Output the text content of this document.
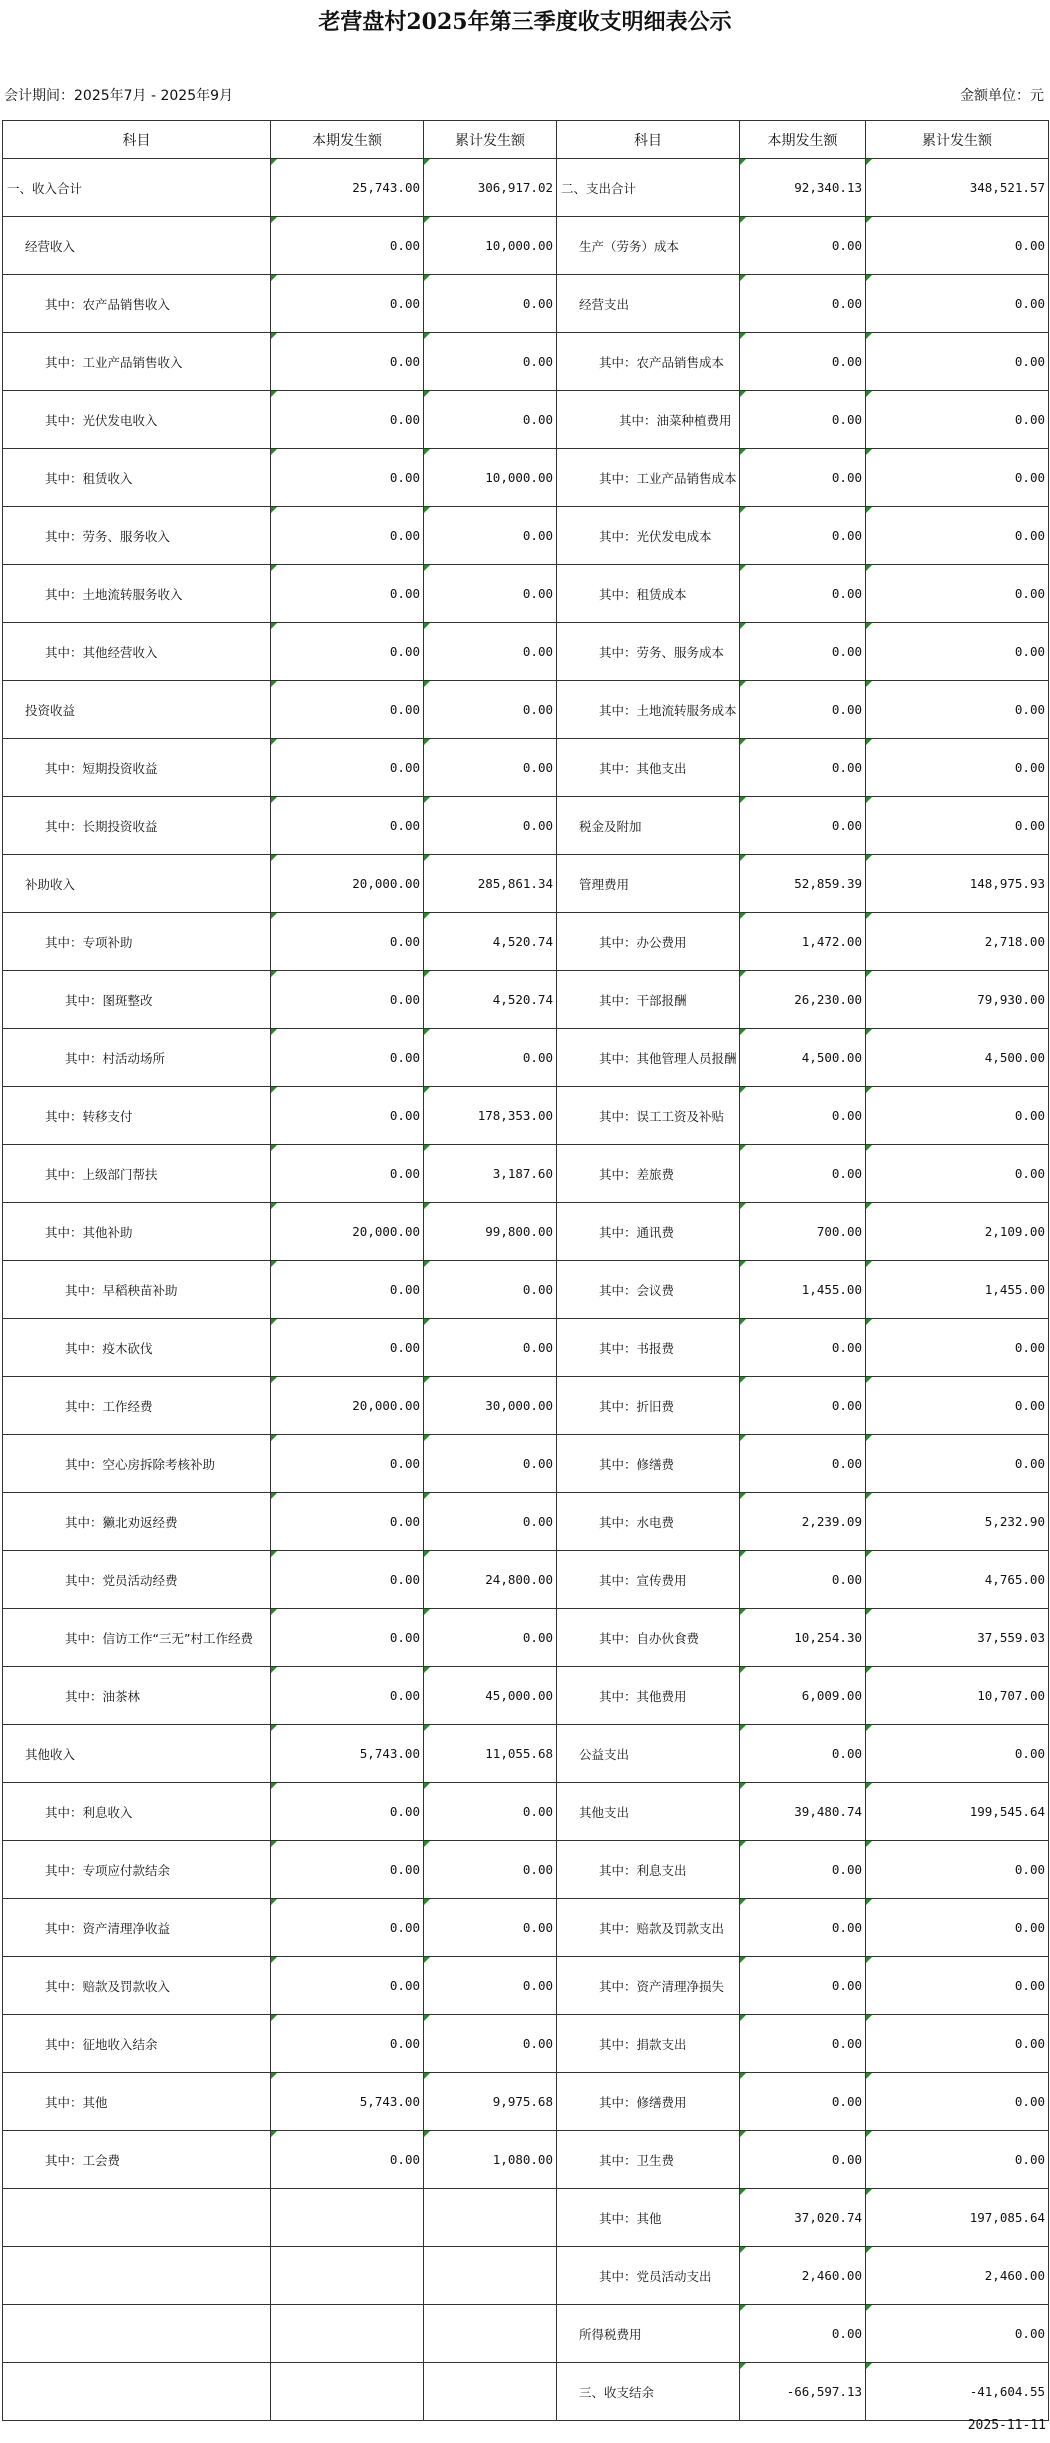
老营盘村2025年第三季度收支明细表公示
会计期间：2025年7月 - 2025年9月	金额单位：元
科目	本期发生额	累计发生额	科目	本期发生额	累计发生额
一、收入合计	25,743.00	306,917.02	二、支出合计	92,340.13	348,521.57
经营收入	0.00	10,000.00	生产（劳务）成本	0.00	0.00
其中：农产品销售收入	0.00	0.00	经营支出	0.00	0.00
其中：工业产品销售收入	0.00	0.00	其中：农产品销售成本	0.00	0.00
其中：光伏发电收入	0.00	0.00	其中：油菜种植费用	0.00	0.00
其中：租赁收入	0.00	10,000.00	其中：工业产品销售成本	0.00	0.00
其中：劳务、服务收入	0.00	0.00	其中：光伏发电成本	0.00	0.00
其中：土地流转服务收入	0.00	0.00	其中：租赁成本	0.00	0.00
其中：其他经营收入	0.00	0.00	其中：劳务、服务成本	0.00	0.00
投资收益	0.00	0.00	其中：土地流转服务成本	0.00	0.00
其中：短期投资收益	0.00	0.00	其中：其他支出	0.00	0.00
其中：长期投资收益	0.00	0.00	税金及附加	0.00	0.00
补助收入	20,000.00	285,861.34	管理费用	52,859.39	148,975.93
其中：专项补助	0.00	4,520.74	其中：办公费用	1,472.00	2,718.00
其中：图斑整改	0.00	4,520.74	其中：干部报酬	26,230.00	79,930.00
其中：村活动场所	0.00	0.00	其中：其他管理人员报酬	4,500.00	4,500.00
其中：转移支付	0.00	178,353.00	其中：误工工资及补贴	0.00	0.00
其中：上级部门帮扶	0.00	3,187.60	其中：差旅费	0.00	0.00
其中：其他补助	20,000.00	99,800.00	其中：通讯费	700.00	2,109.00
其中：早稻秧苗补助	0.00	0.00	其中：会议费	1,455.00	1,455.00
其中：疫木砍伐	0.00	0.00	其中：书报费	0.00	0.00
其中：工作经费	20,000.00	30,000.00	其中：折旧费	0.00	0.00
其中：空心房拆除考核补助	0.00	0.00	其中：修缮费	0.00	0.00
其中：獭北劝返经费	0.00	0.00	其中：水电费	2,239.09	5,232.90
其中：党员活动经费	0.00	24,800.00	其中：宣传费用	0.00	4,765.00
其中：信访工作“三无”村工作经费	0.00	0.00	其中：自办伙食费	10,254.30	37,559.03
其中：油茶林	0.00	45,000.00	其中：其他费用	6,009.00	10,707.00
其他收入	5,743.00	11,055.68	公益支出	0.00	0.00
其中：利息收入	0.00	0.00	其他支出	39,480.74	199,545.64
其中：专项应付款结余	0.00	0.00	其中：利息支出	0.00	0.00
其中：资产清理净收益	0.00	0.00	其中：赔款及罚款支出	0.00	0.00
其中：赔款及罚款收入	0.00	0.00	其中：资产清理净损失	0.00	0.00
其中：征地收入结余	0.00	0.00	其中：捐款支出	0.00	0.00
其中：其他	5,743.00	9,975.68	其中：修缮费用	0.00	0.00
其中：工会费	0.00	1,080.00	其中：卫生费	0.00	0.00
			其中：其他	37,020.74	197,085.64
			其中：党员活动支出	2,460.00	2,460.00
			所得税费用	0.00	0.00
			三、收支结余	-66,597.13	-41,604.55
2025-11-11
